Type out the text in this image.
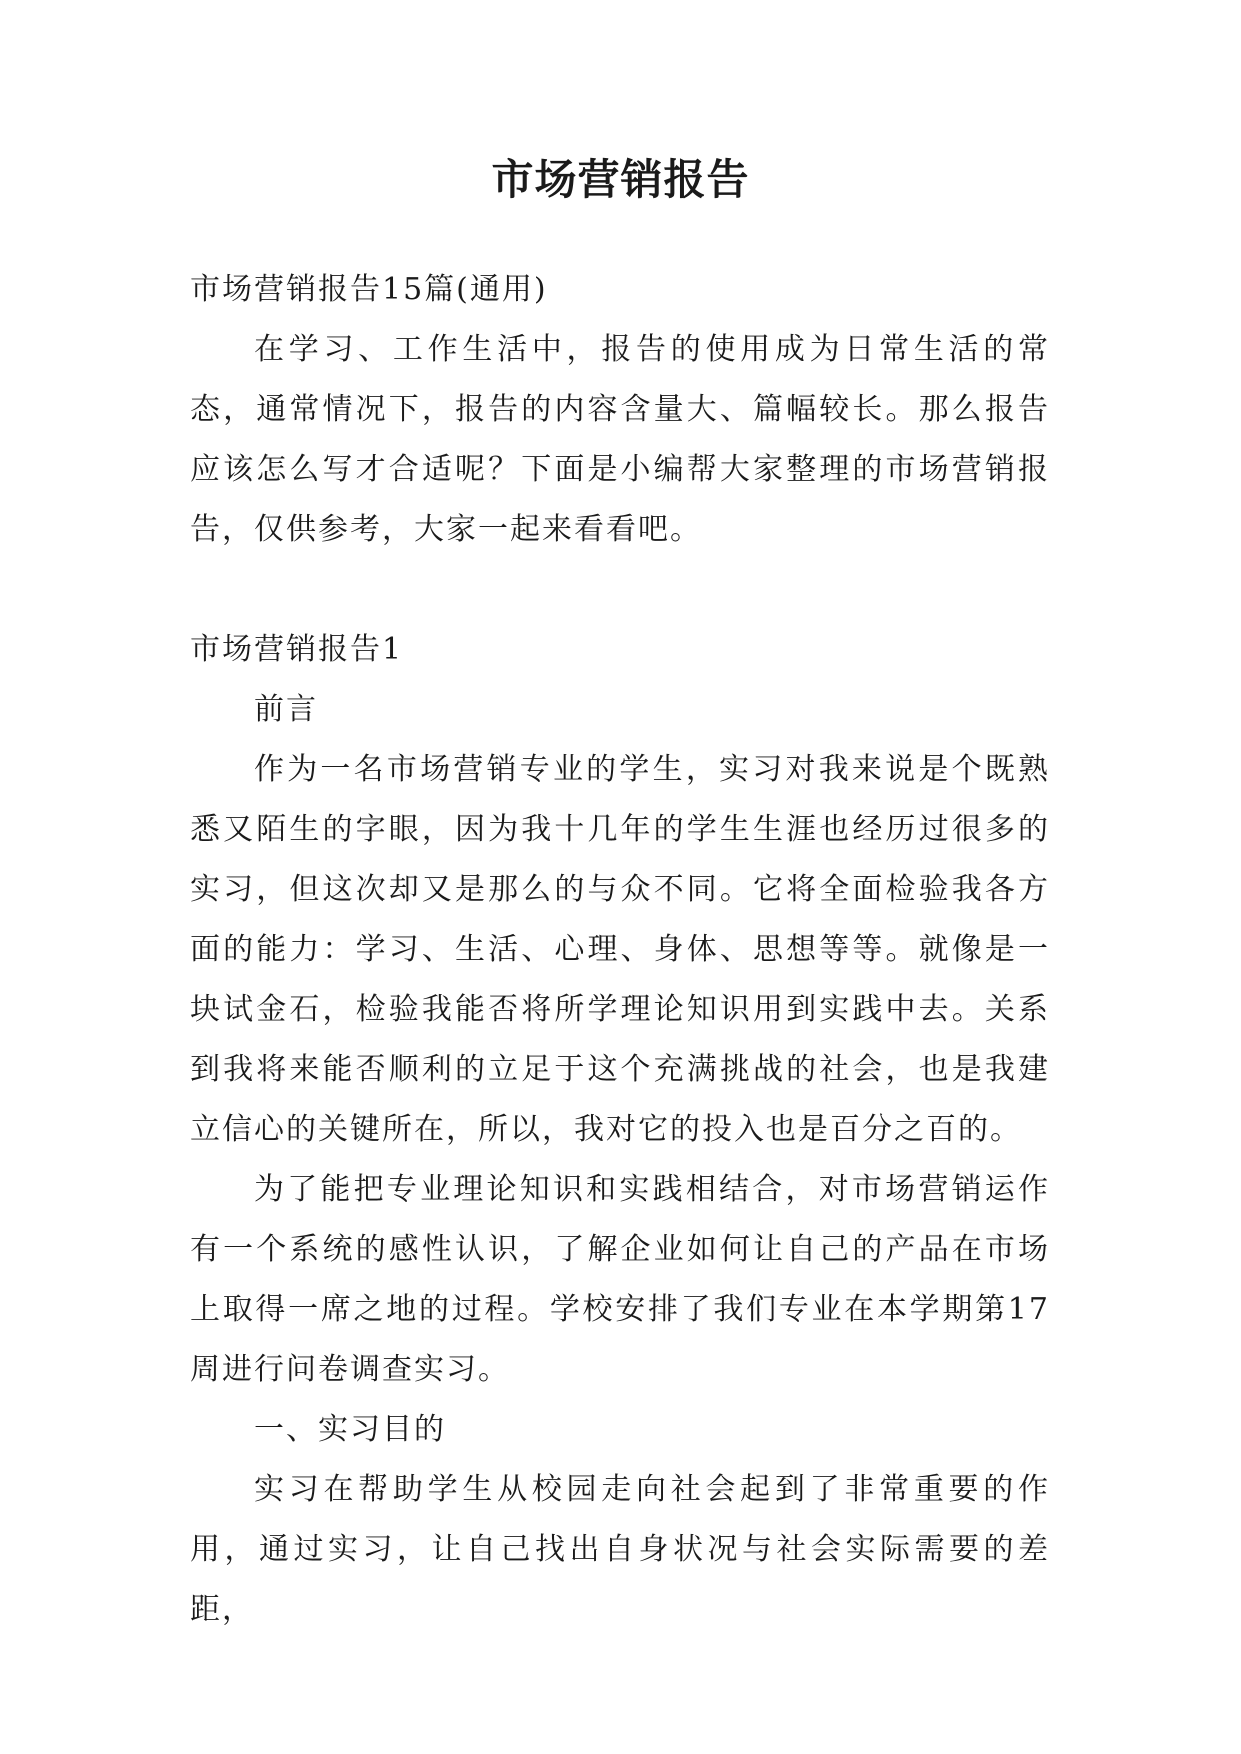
市场营销报告

市场营销报告15篇(通用)

在学习、工作生活中，报告的使用成为日常生活的常态，通常情况下，报告的内容含量大、篇幅较长。那么报告应该怎么写才合适呢？下面是小编帮大家整理的市场营销报告，仅供参考，大家一起来看看吧。

市场营销报告1

前言

作为一名市场营销专业的学生，实习对我来说是个既熟悉又陌生的字眼，因为我十几年的学生生涯也经历过很多的实习，但这次却又是那么的与众不同。它将全面检验我各方面的能力：学习、生活、心理、身体、思想等等。就像是一块试金石，检验我能否将所学理论知识用到实践中去。关系到我将来能否顺利的立足于这个充满挑战的社会，也是我建立信心的关键所在，所以，我对它的投入也是百分之百的。

为了能把专业理论知识和实践相结合，对市场营销运作有一个系统的感性认识，了解企业如何让自己的产品在市场上取得一席之地的过程。学校安排了我们专业在本学期第17周进行问卷调查实习。

一、实习目的

实习在帮助学生从校园走向社会起到了非常重要的作用，通过实习，让自己找出自身状况与社会实际需要的差距，
